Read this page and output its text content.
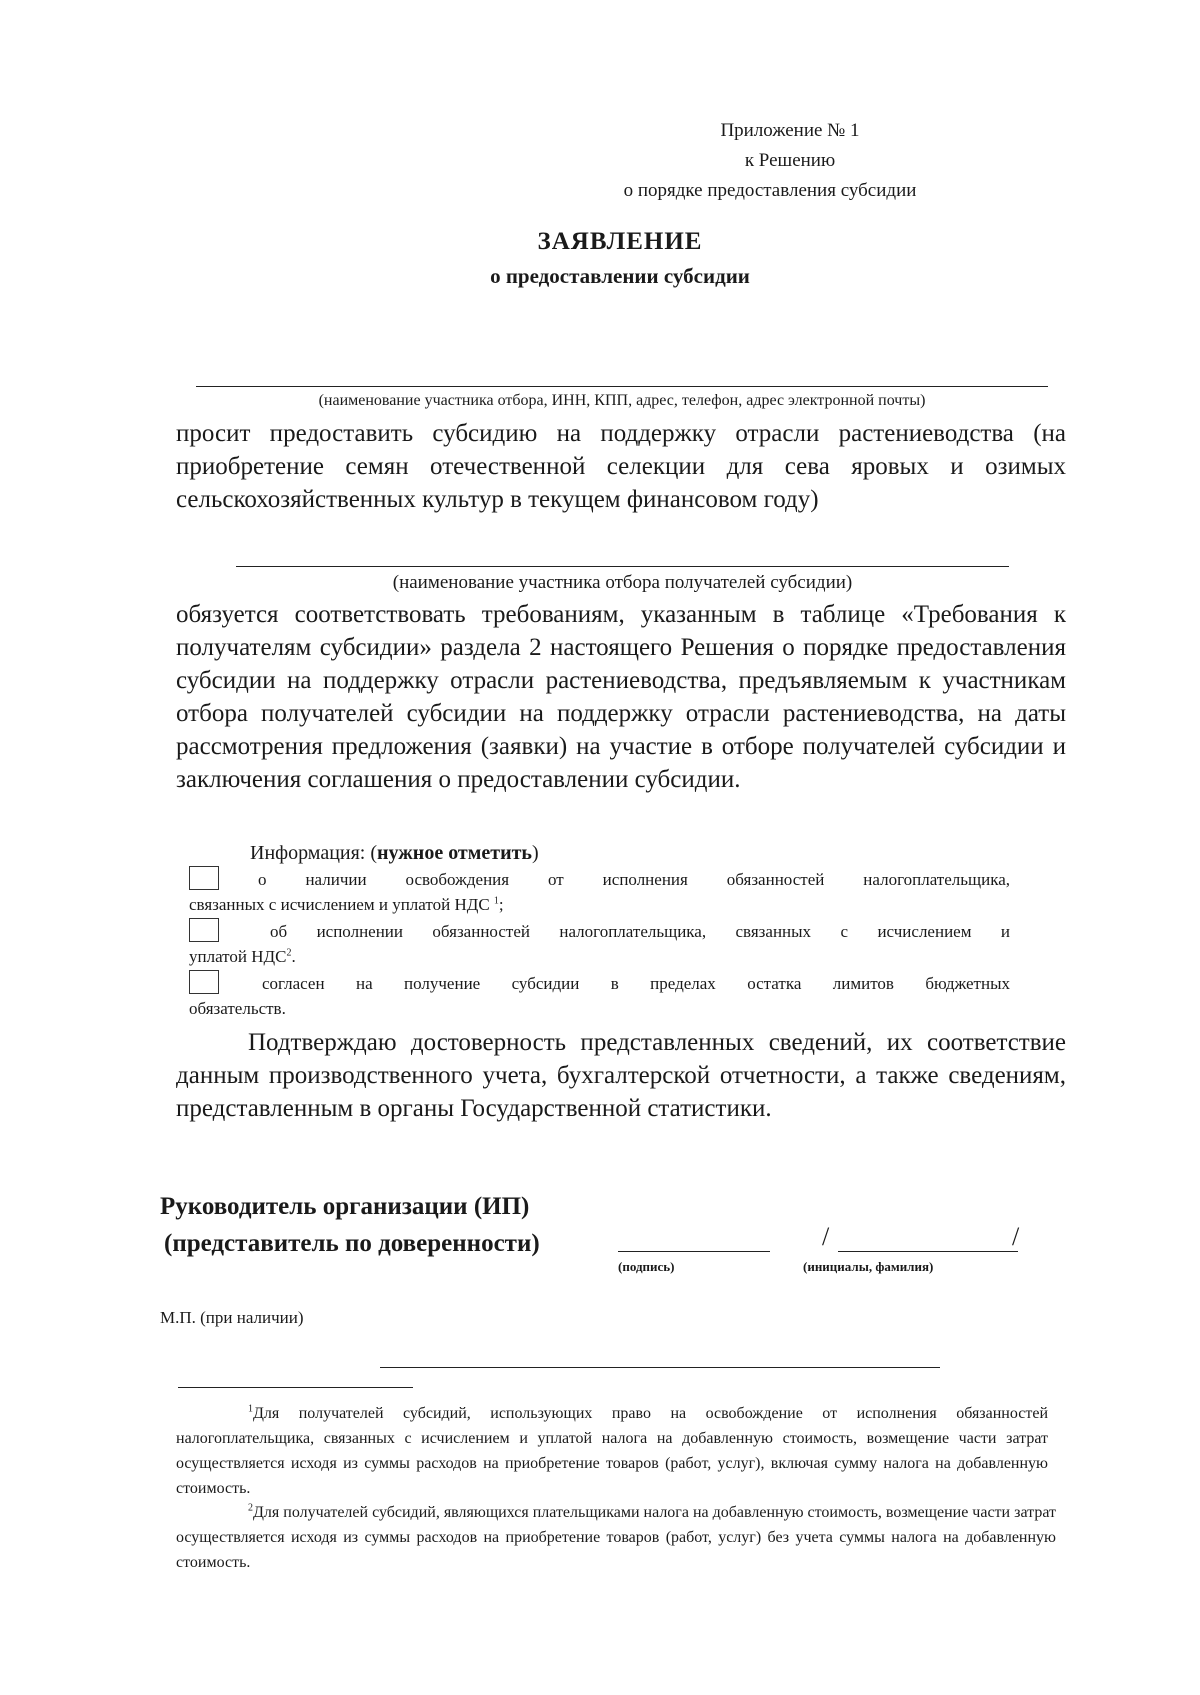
Приложение № 1
к Решению
о порядке предоставления субсидии
ЗАЯВЛЕНИЕ
о предоставлении субсидии
(наименование участника отбора, ИНН, КПП, адрес, телефон, адрес электронной почты)
просит предоставить субсидию на поддержку отрасли растениеводства (на приобретение семян отечественной селекции для сева яровых и озимых сельскохозяйственных культур в текущем финансовом году)
(наименование участника отбора получателей субсидии)
обязуется соответствовать требованиям, указанным в таблице «Требования к получателям субсидии» раздела 2 настоящего Решения о порядке предоставления субсидии на поддержку отрасли растениеводства, предъявляемым к участникам отбора получателей субсидии на поддержку отрасли растениеводства, на даты рассмотрения предложения (заявки) на участие в отборе получателей субсидии и заключения соглашения о предоставлении субсидии.
Информация: (нужное отметить)
о наличии освобождения от исполнения обязанностей налогоплательщика,
связанных с исчислением и уплатой НДС $^1$;
об исполнении обязанностей налогоплательщика, связанных с исчислением и
уплатой НДС$^2$.
согласен на получение субсидии в пределах остатка лимитов бюджетных
обязательств.
Подтверждаю достоверность представленных сведений, их соответствие данным производственного учета, бухгалтерской отчетности, а также сведениям, представленным в органы Государственной статистики.
Руководитель организации (ИП)
(представитель по доверенности)
(подпись)
/	/
(инициалы, фамилия)
М.П. (при наличии)
$^1$Для получателей субсидий, использующих право на освобождение от исполнения обязанностей налогоплательщика, связанных с исчислением и уплатой налога на добавленную стоимость, возмещение части затрат осуществляется исходя из суммы расходов на приобретение товаров (работ, услуг), включая сумму налога на добавленную стоимость.
$^2$Для получателей субсидий, являющихся плательщиками налога на добавленную стоимость, возмещение части затрат осуществляется исходя из суммы расходов на приобретение товаров (работ, услуг) без учета суммы налога на добавленную стоимость.
